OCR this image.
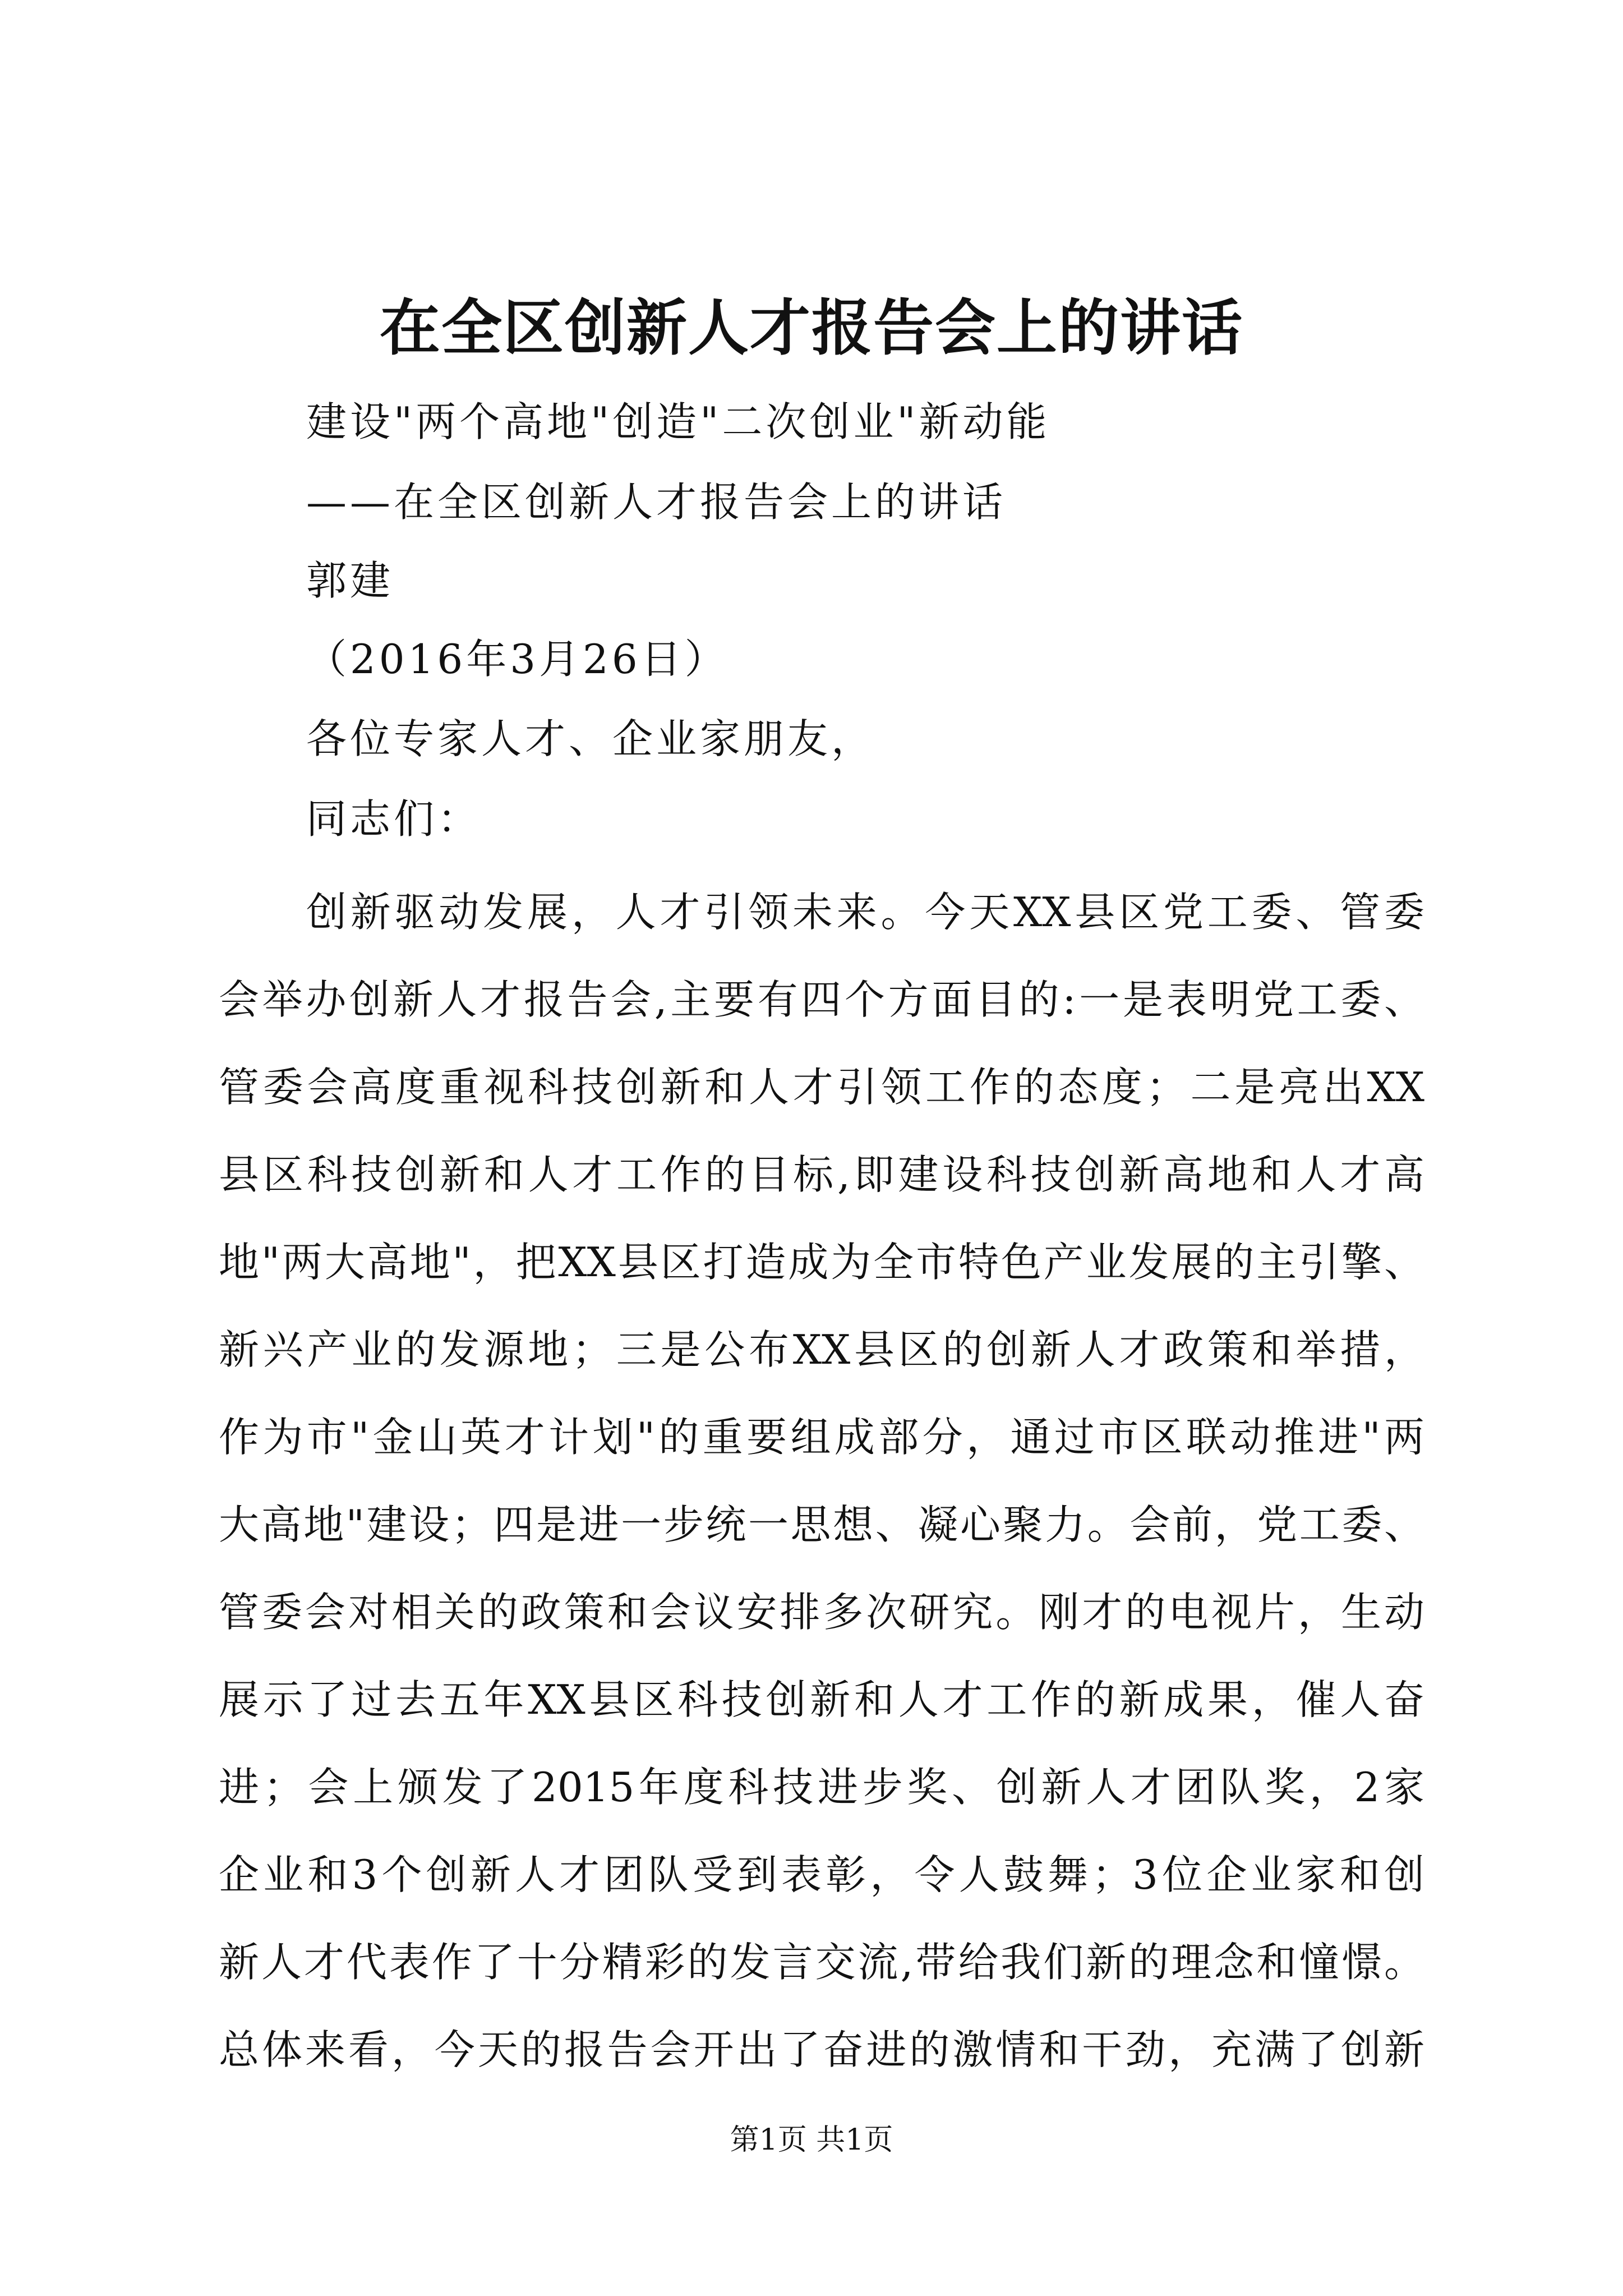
在全区创新人才报告会上的讲话
建设"两个高地"创造"二次创业"新动能
——在全区创新人才报告会上的讲话
郭建
（2016年3月26日）
各位专家人才、企业家朋友，
同志们：
创新驱动发展，人才引领未来。今天XX县区党工委、管委
会举办创新人才报告会,主要有四个方面目的:一是表明党工委、
管委会高度重视科技创新和人才引领工作的态度；二是亮出XX
县区科技创新和人才工作的目标,即建设科技创新高地和人才高
地"两大高地"，把XX县区打造成为全市特色产业发展的主引擎、
新兴产业的发源地；三是公布XX县区的创新人才政策和举措，
作为市"金山英才计划"的重要组成部分，通过市区联动推进"两
大高地"建设；四是进一步统一思想、凝心聚力。会前，党工委、
管委会对相关的政策和会议安排多次研究。刚才的电视片，生动
展示了过去五年XX县区科技创新和人才工作的新成果，催人奋
进；会上颁发了2015年度科技进步奖、创新人才团队奖，2家
企业和3个创新人才团队受到表彰，令人鼓舞；3位企业家和创
新人才代表作了十分精彩的发言交流,带给我们新的理念和憧憬。
总体来看，今天的报告会开出了奋进的激情和干劲，充满了创新
第1页 共1页
